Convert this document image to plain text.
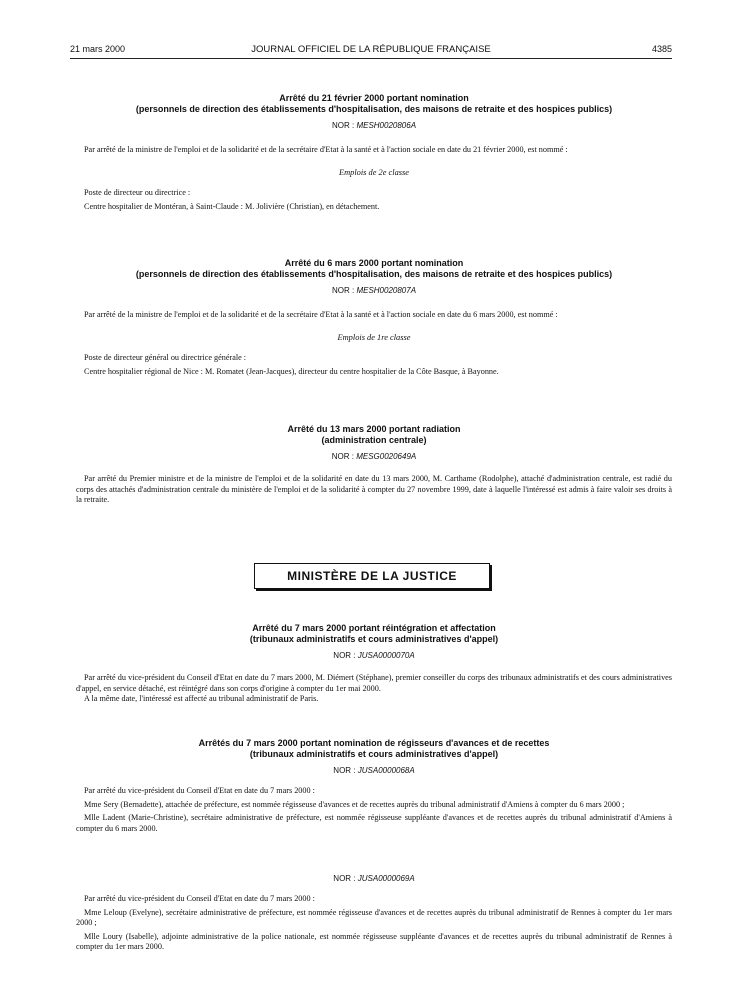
21 mars 2000	JOURNAL OFFICIEL DE LA RÉPUBLIQUE FRANÇAISE	4385

Arrêté du 21 février 2000 portant nomination

(personnels de direction des établissements d'hospitalisation, des maisons de retraite et des hospices publics)

NOR : MESH0020806A

Par arrêté de la ministre de l'emploi et de la solidarité et de la secrétaire d'Etat à la santé et à l'action sociale en date du 21 février 2000, est nommé :

Emplois de 2e classe

Poste de directeur ou directrice :

Centre hospitalier de Montéran, à Saint-Claude : M. Jolivière (Christian), en détachement.

Arrêté du 6 mars 2000 portant nomination

(personnels de direction des établissements d'hospitalisation, des maisons de retraite et des hospices publics)

NOR : MESH0020807A

Par arrêté de la ministre de l'emploi et de la solidarité et de la secrétaire d'Etat à la santé et à l'action sociale en date du 6 mars 2000, est nommé :

Emplois de 1re classe

Poste de directeur général ou directrice générale :

Centre hospitalier régional de Nice : M. Romatet (Jean-Jacques), directeur du centre hospitalier de la Côte Basque, à Bayonne.

Arrêté du 13 mars 2000 portant radiation

(administration centrale)

NOR : MESG0020649A

Par arrêté du Premier ministre et de la ministre de l'emploi et de la solidarité en date du 13 mars 2000, M. Carthame (Rodolphe), attaché d'administration centrale, est radié du corps des attachés d'administration centrale du ministère de l'emploi et de la solidarité à compter du 27 novembre 1999, date à laquelle l'intéressé est admis à faire valoir ses droits à la retraite.

MINISTÈRE DE LA JUSTICE

Arrêté du 7 mars 2000 portant réintégration et affectation

(tribunaux administratifs et cours administratives d'appel)

NOR : JUSA0000070A

Par arrêté du vice-président du Conseil d'Etat en date du 7 mars 2000, M. Diémert (Stéphane), premier conseiller du corps des tribunaux administratifs et des cours administratives d'appel, en service détaché, est réintégré dans son corps d'origine à compter du 1er mai 2000.

A la même date, l'intéressé est affecté au tribunal administratif de Paris.

Arrêtés du 7 mars 2000 portant nomination de régisseurs d'avances et de recettes

(tribunaux administratifs et cours administratives d'appel)

NOR : JUSA0000068A

Par arrêté du vice-président du Conseil d'Etat en date du 7 mars 2000 :

Mme Sery (Bernadette), attachée de préfecture, est nommée régisseuse d'avances et de recettes auprès du tribunal administratif d'Amiens à compter du 6 mars 2000 ;

Mlle Ladent (Marie-Christine), secrétaire administrative de préfecture, est nommée régisseuse suppléante d'avances et de recettes auprès du tribunal administratif d'Amiens à compter du 6 mars 2000.

NOR : JUSA0000069A

Par arrêté du vice-président du Conseil d'Etat en date du 7 mars 2000 :

Mme Leloup (Evelyne), secrétaire administrative de préfecture, est nommée régisseuse d'avances et de recettes auprès du tribunal administratif de Rennes à compter du 1er mars 2000 ;

Mlle Loury (Isabelle), adjointe administrative de la police nationale, est nommée régisseuse suppléante d'avances et de recettes auprès du tribunal administratif de Rennes à compter du 1er mars 2000.
